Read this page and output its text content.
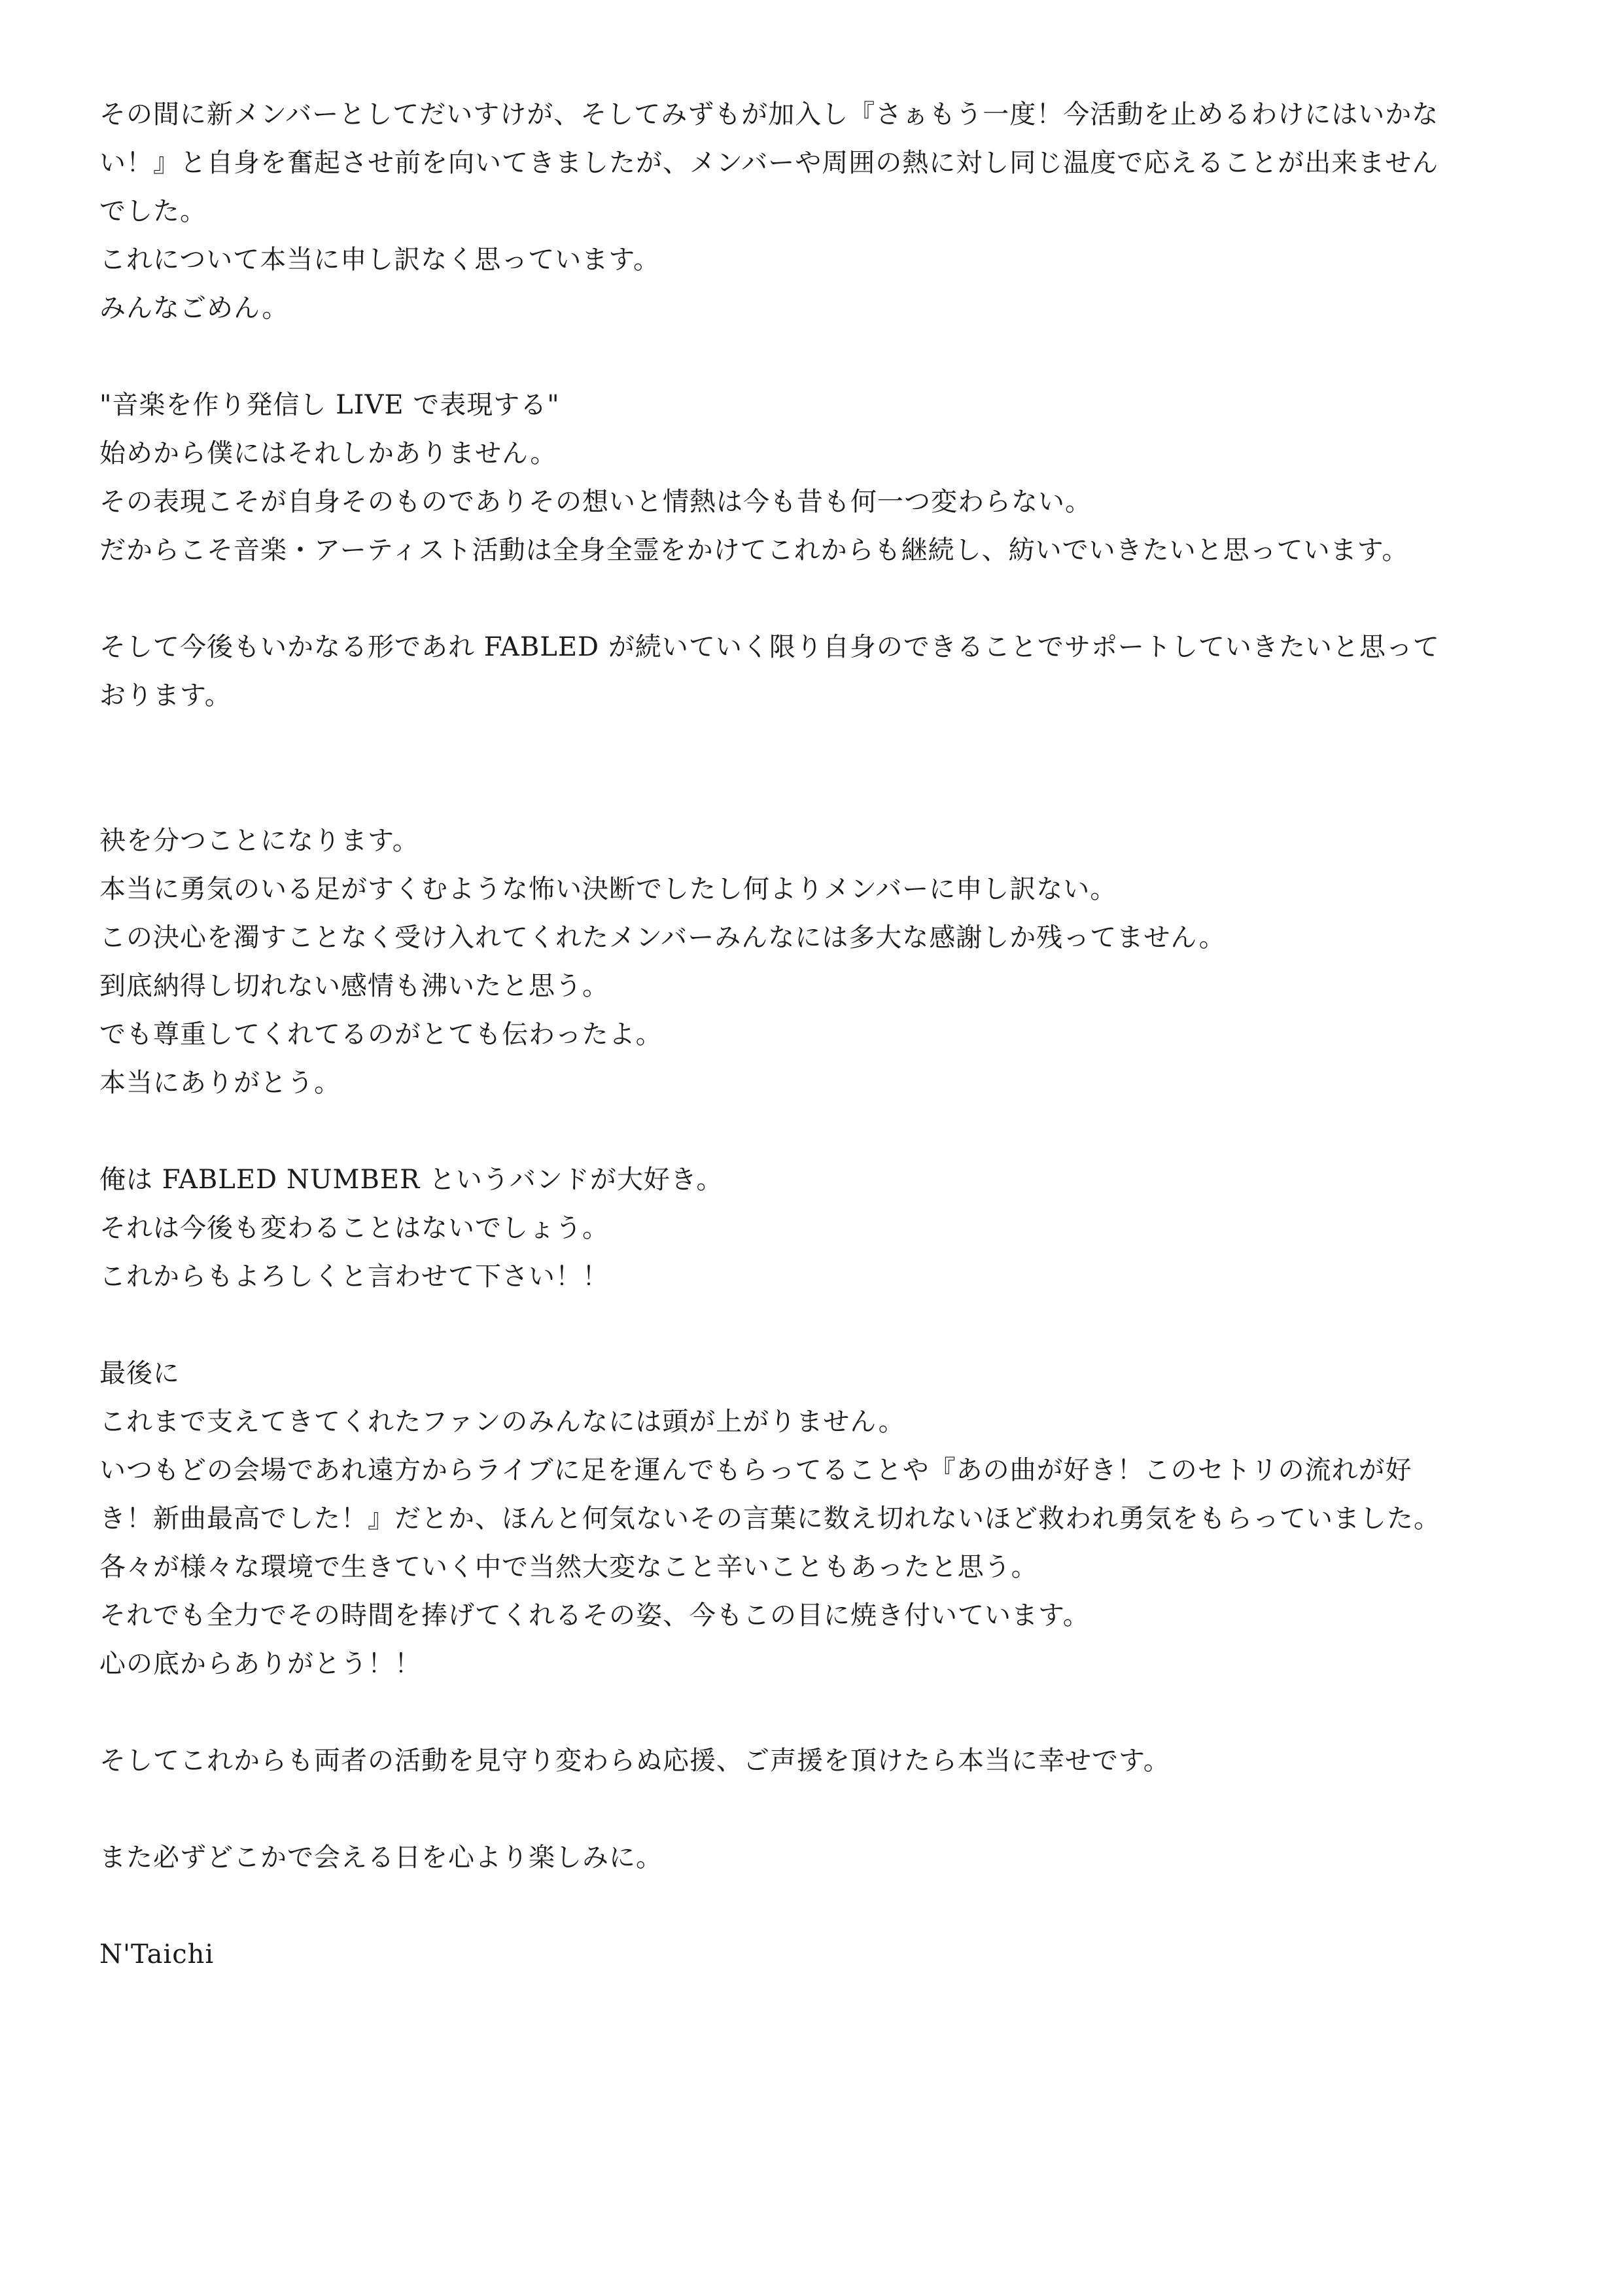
その間に新メンバーとしてだいすけが、そしてみずもが加入し『さぁもう一度！今活動を止めるわけにはいかな
い！』と自身を奮起させ前を向いてきましたが、メンバーや周囲の熱に対し同じ温度で応えることが出来ません
でした。
これについて本当に申し訳なく思っています。
みんなごめん。
"音楽を作り発信し LIVE で表現する"
始めから僕にはそれしかありません。
その表現こそが自身そのものでありその想いと情熱は今も昔も何一つ変わらない。
だからこそ音楽・アーティスト活動は全身全霊をかけてこれからも継続し、紡いでいきたいと思っています。
そして今後もいかなる形であれ FABLED が続いていく限り自身のできることでサポートしていきたいと思って
おります。
袂を分つことになります。
本当に勇気のいる足がすくむような怖い決断でしたし何よりメンバーに申し訳ない。
この決心を濁すことなく受け入れてくれたメンバーみんなには多大な感謝しか残ってません。
到底納得し切れない感情も沸いたと思う。
でも尊重してくれてるのがとても伝わったよ。
本当にありがとう。
俺は FABLED NUMBER というバンドが大好き。
それは今後も変わることはないでしょう。
これからもよろしくと言わせて下さい！！
最後に
これまで支えてきてくれたファンのみんなには頭が上がりません。
いつもどの会場であれ遠方からライブに足を運んでもらってることや『あの曲が好き！このセトリの流れが好
き！新曲最高でした！』だとか、ほんと何気ないその言葉に数え切れないほど救われ勇気をもらっていました。
各々が様々な環境で生きていく中で当然大変なこと辛いこともあったと思う。
それでも全力でその時間を捧げてくれるその姿、今もこの目に焼き付いています。
心の底からありがとう！！
そしてこれからも両者の活動を見守り変わらぬ応援、ご声援を頂けたら本当に幸せです。
また必ずどこかで会える日を心より楽しみに。
N'Taichi
